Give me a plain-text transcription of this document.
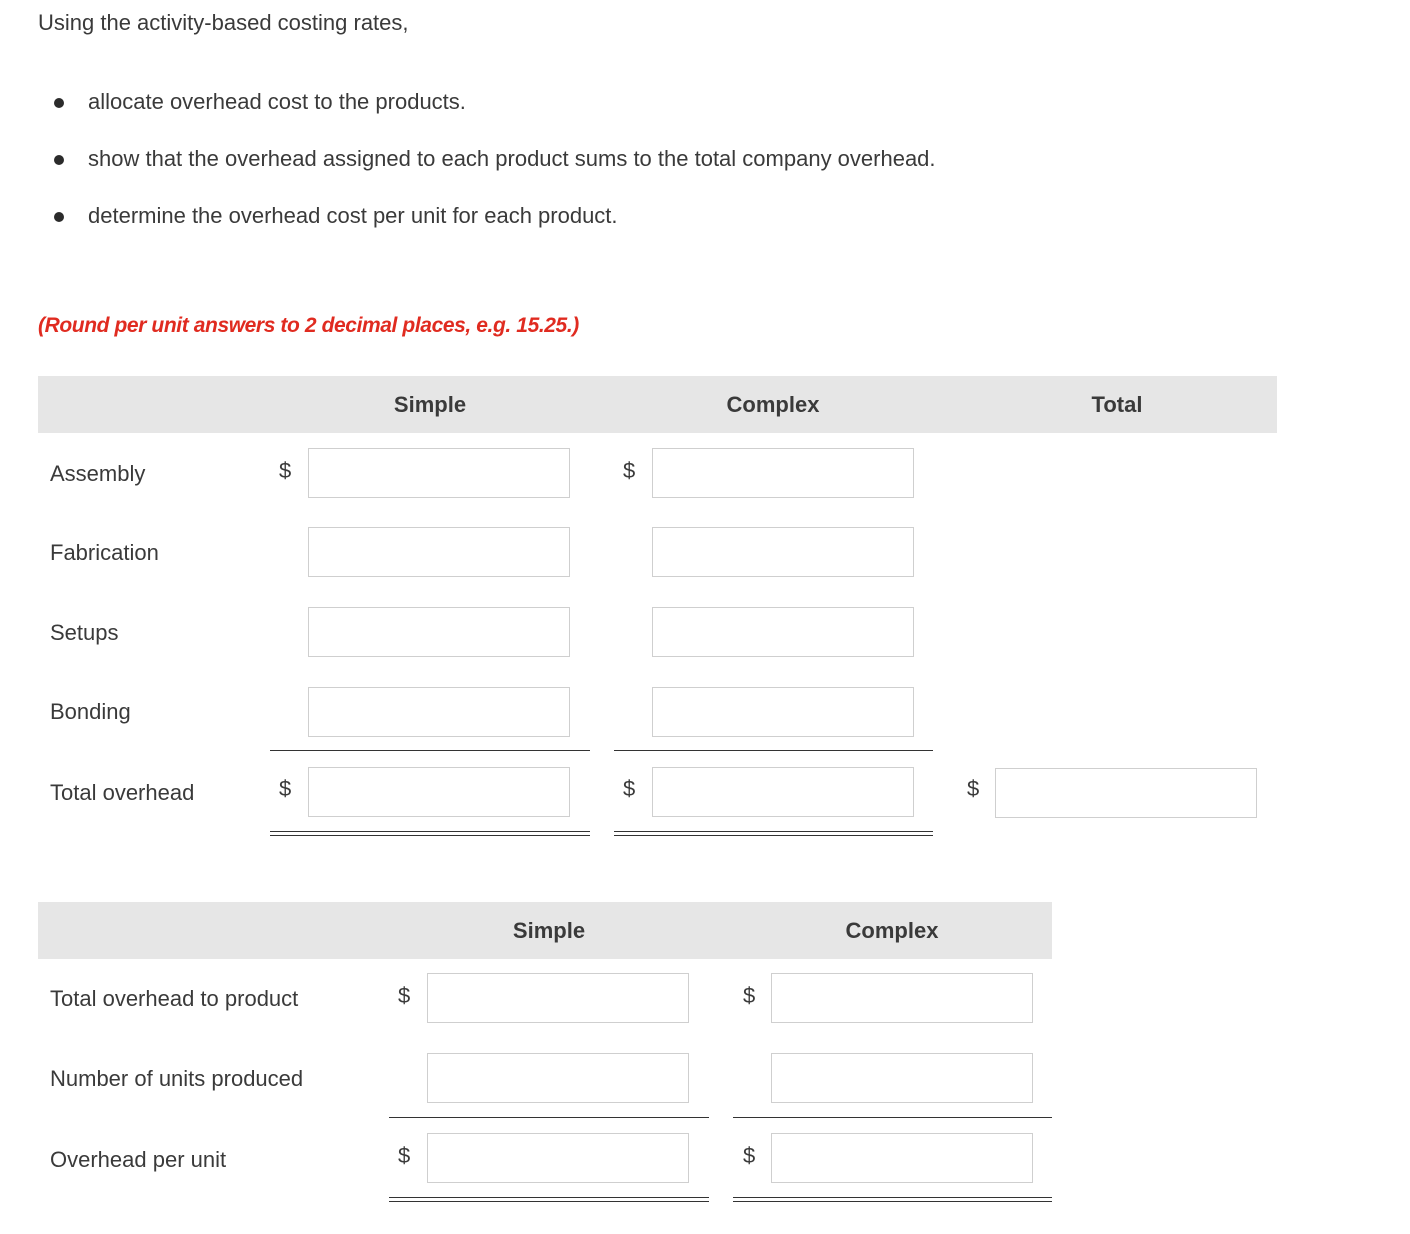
Using the activity-based costing rates,
allocate overhead cost to the products.
show that the overhead assigned to each product sums to the total company overhead.
determine the overhead cost per unit for each product.
(Round per unit answers to 2 decimal places, e.g. 15.25.)
Simple	Complex	Total
Assembly	$	$
Fabrication
Setups
Bonding
Total overhead	$	$	$
Simple	Complex
Total overhead to product	$	$
Number of units produced
Overhead per unit	$	$
